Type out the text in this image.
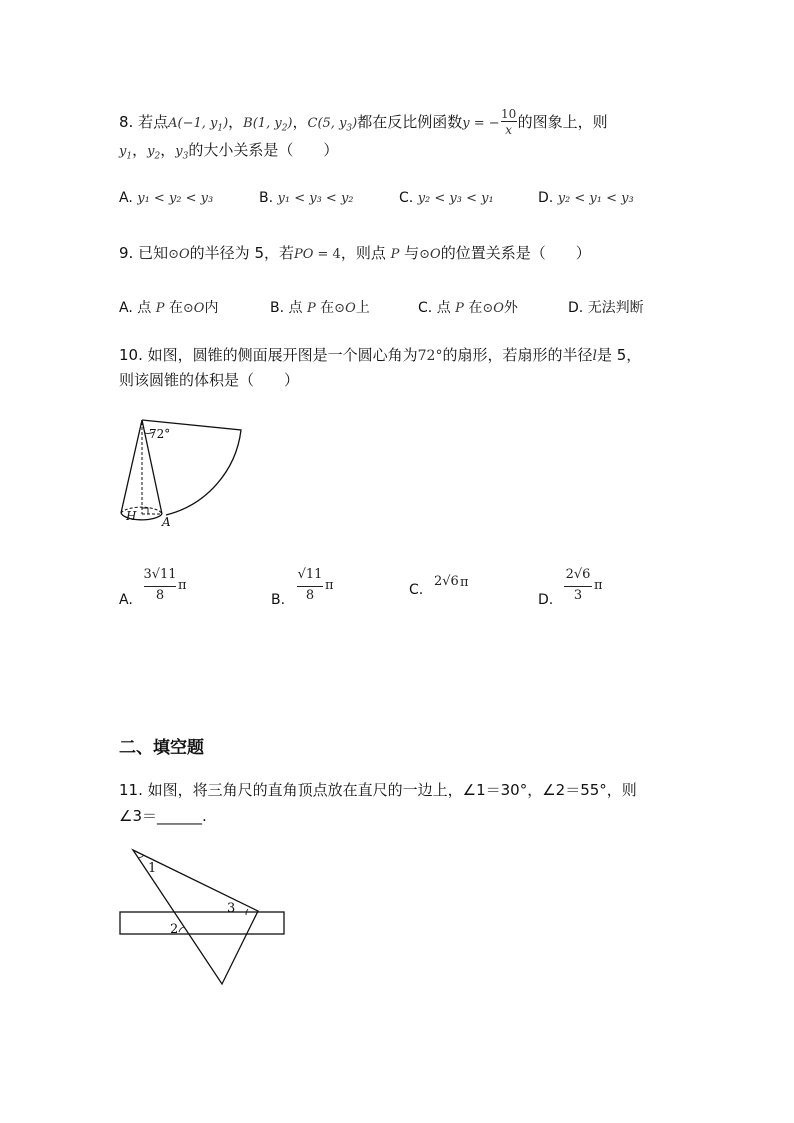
8. 若点A(−1, $y_1$)，B(1, $y_2$)，C(5, $y_3$)都在反比例函数y = − $\frac{10}{x}$ 的图象上，则
$y_1$，$y_2$，$y_3$的大小关系是（　　）
A. y₁ < y₂ < y₃	B. y₁ < y₃ < y₂	C. y₂ < y₃ < y₁	D. y₂ < y₁ < y₃
9. 已知⊙O的半径为 5，若PO = 4，则点 P 与⊙O的位置关系是（　　）
A. 点 P 在⊙O内	B. 点 P 在⊙O上	C. 点 P 在⊙O外	D. 无法判断
10. 如图，圆锥的侧面展开图是一个圆心角为72°的扇形，若扇形的半径l是 5，
则该圆锥的体积是（　　）
72°
H A
A.
3√11
8
π
B.
√11
8
π	C.
2√6 π
D.
2√6
3
π
二、填空题
11. 如图，将三角尺的直角顶点放在直尺的一边上，∠1＝30°，∠2＝55°，则
∠3＝______.
1
2
3
